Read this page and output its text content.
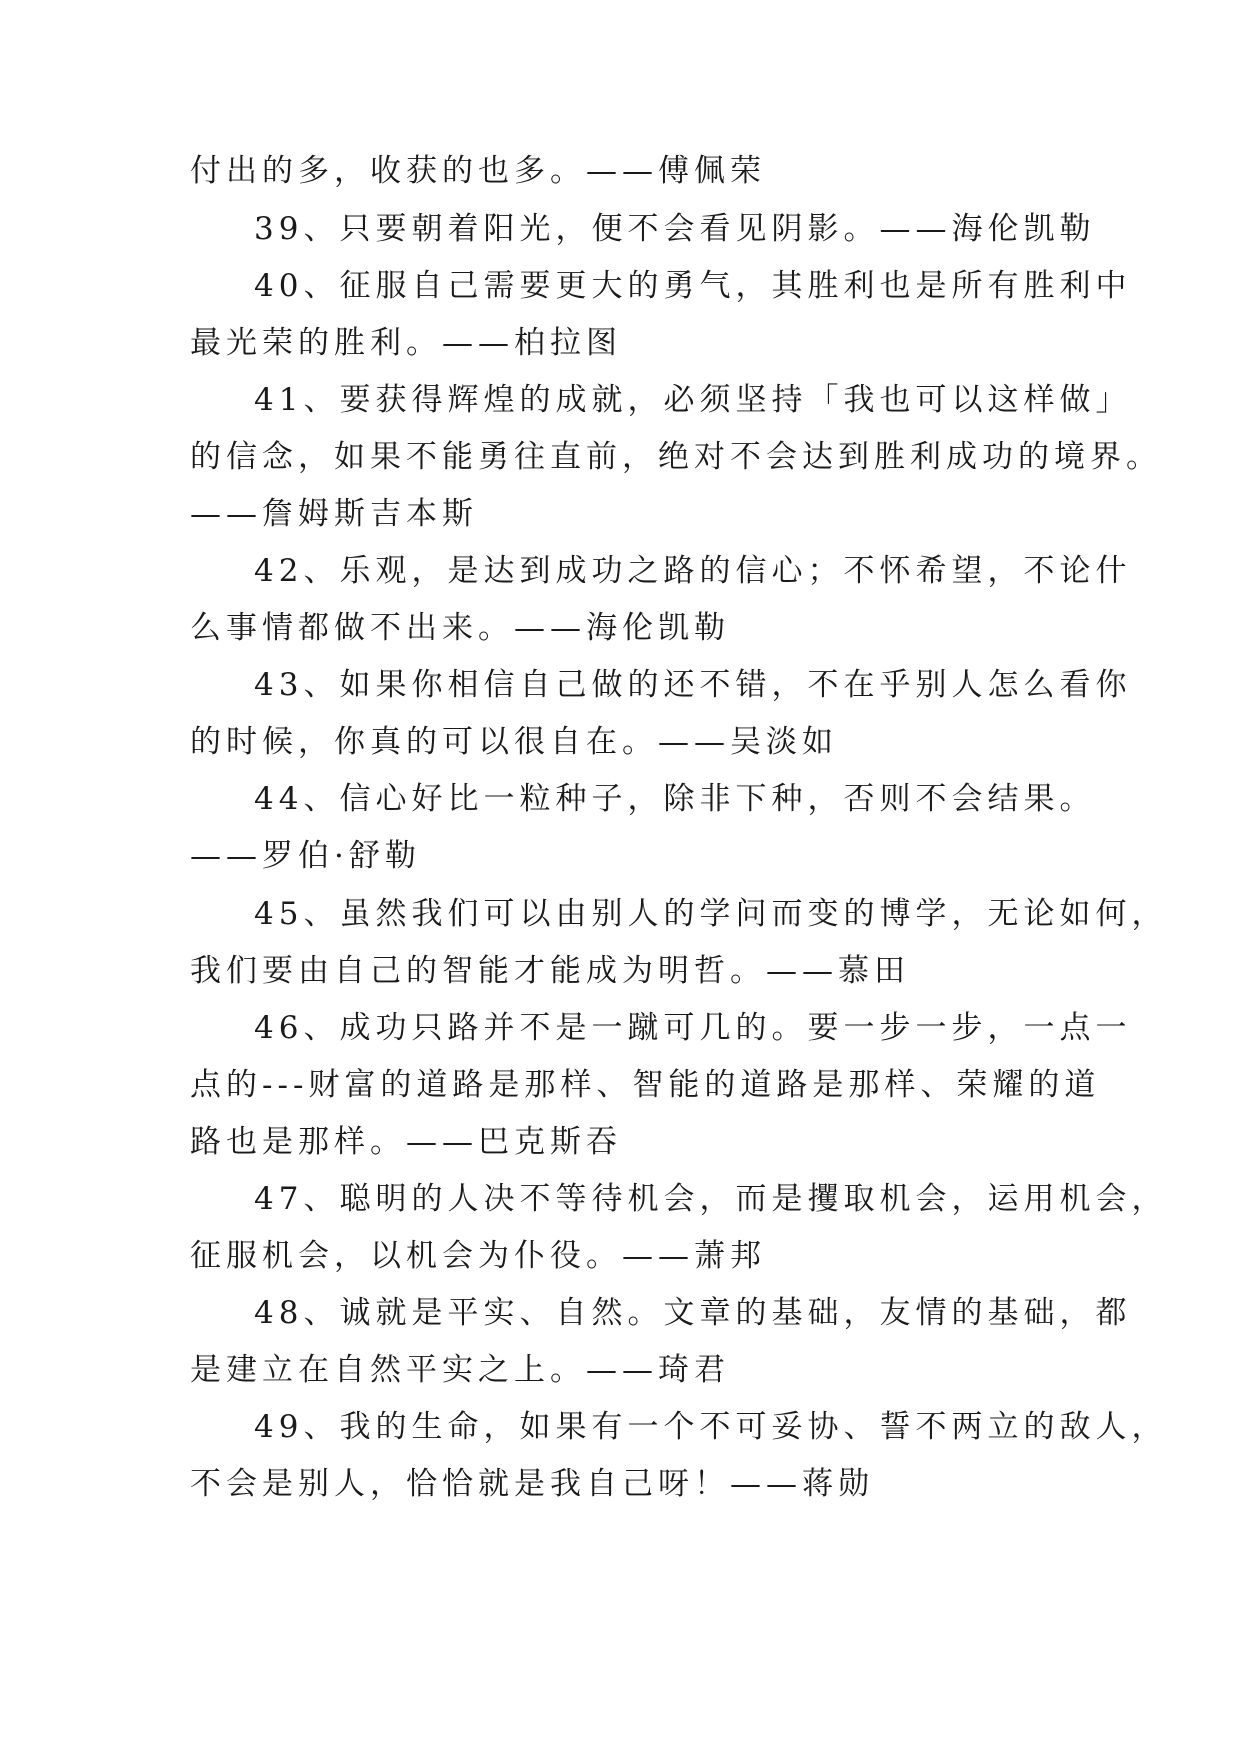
付出的多，收获的也多。——傅佩荣

39、只要朝着阳光，便不会看见阴影。——海伦凯勒

40、征服自己需要更大的勇气，其胜利也是所有胜利中

最光荣的胜利。——柏拉图

41、要获得辉煌的成就，必须坚持「我也可以这样做」

的信念，如果不能勇往直前，绝对不会达到胜利成功的境界。

——詹姆斯吉本斯

42、乐观，是达到成功之路的信心；不怀希望，不论什

么事情都做不出来。——海伦凯勒

43、如果你相信自己做的还不错，不在乎别人怎么看你

的时候，你真的可以很自在。——吴淡如

44、信心好比一粒种子，除非下种，否则不会结果。

——罗伯·舒勒

45、虽然我们可以由别人的学问而变的博学，无论如何，

我们要由自己的智能才能成为明哲。——慕田

46、成功只路并不是一蹴可几的。要一步一步，一点一

点的---财富的道路是那样、智能的道路是那样、荣耀的道

路也是那样。——巴克斯吞

47、聪明的人决不等待机会，而是攫取机会，运用机会，

征服机会，以机会为仆役。——萧邦

48、诚就是平实、自然。文章的基础，友情的基础，都

是建立在自然平实之上。——琦君

49、我的生命，如果有一个不可妥协、誓不两立的敌人，

不会是别人，恰恰就是我自己呀！——蒋勋
